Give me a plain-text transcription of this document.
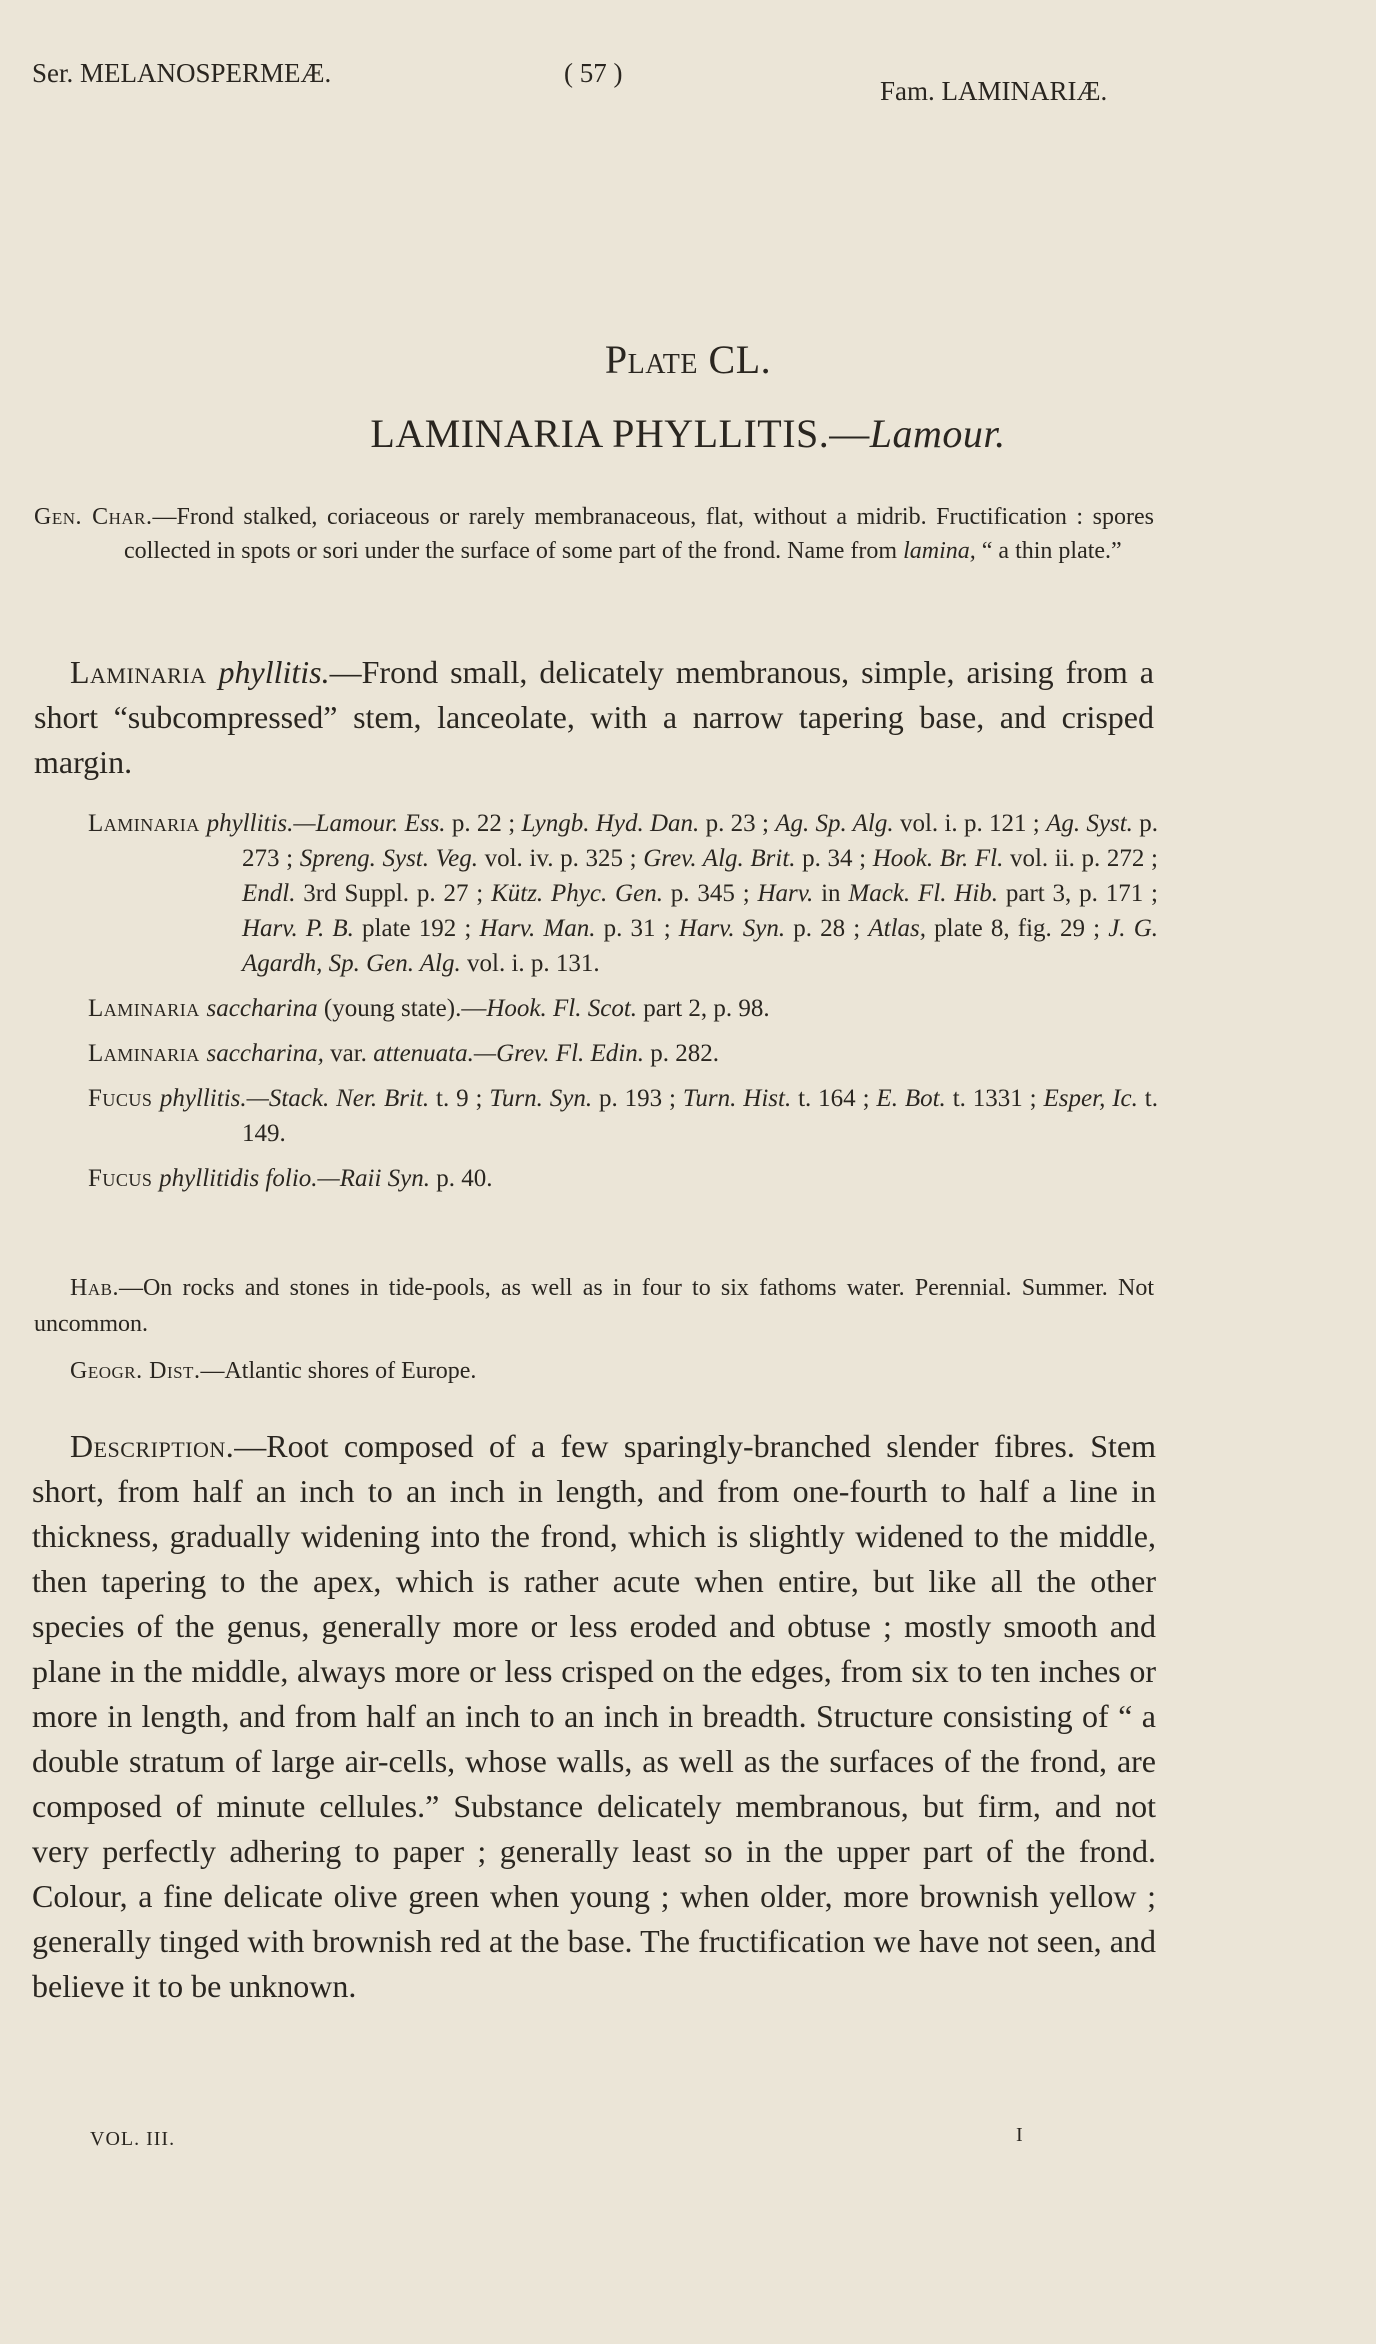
Ser. MELANOSPERMEÆ.	( 57 )
Fam. LAMINARIÆ.
Plate CL.
LAMINARIA PHYLLITIS.—Lamour.
Gen. Char.—Frond stalked, coriaceous or rarely membranaceous, flat, without a midrib. Fructification : spores collected in spots or sori under the surface of some part of the frond. Name from lamina, “ a thin plate.”

Laminaria phyllitis.—Frond small, delicately membranous, simple, arising from a short “subcompressed” stem, lanceolate, with a narrow tapering base, and crisped margin.

Laminaria phyllitis.—Lamour. Ess. p. 22 ; Lyngb. Hyd. Dan. p. 23 ; Ag. Sp. Alg. vol. i. p. 121 ; Ag. Syst. p. 273 ; Spreng. Syst. Veg. vol. iv. p. 325 ; Grev. Alg. Brit. p. 34 ; Hook. Br. Fl. vol. ii. p. 272 ; Endl. 3rd Suppl. p. 27 ; Kütz. Phyc. Gen. p. 345 ; Harv. in Mack. Fl. Hib. part 3, p. 171 ; Harv. P. B. plate 192 ; Harv. Man. p. 31 ; Harv. Syn. p. 28 ; Atlas, plate 8, fig. 29 ; J. G. Agardh, Sp. Gen. Alg. vol. i. p. 131.
Laminaria saccharina (young state).—Hook. Fl. Scot. part 2, p. 98.
Laminaria saccharina, var. attenuata.—Grev. Fl. Edin. p. 282.
Fucus phyllitis.—Stack. Ner. Brit. t. 9 ; Turn. Syn. p. 193 ; Turn. Hist. t. 164 ; E. Bot. t. 1331 ; Esper, Ic. t. 149.
Fucus phyllitidis folio.—Raii Syn. p. 40.
Hab.—On rocks and stones in tide-pools, as well as in four to six fathoms water. Perennial. Summer. Not uncommon.
Geogr. Dist.—Atlantic shores of Europe.

Description.—Root composed of a few sparingly-branched slender fibres. Stem short, from half an inch to an inch in length, and from one-fourth to half a line in thickness, gradually widening into the frond, which is slightly widened to the middle, then tapering to the apex, which is rather acute when entire, but like all the other species of the genus, generally more or less eroded and obtuse ; mostly smooth and plane in the middle, always more or less crisped on the edges, from six to ten inches or more in length, and from half an inch to an inch in breadth. Structure consisting of “ a double stratum of large air-cells, whose walls, as well as the surfaces of the frond, are composed of minute cellules.” Substance delicately membranous, but firm, and not very perfectly adhering to paper ; generally least so in the upper part of the frond. Colour, a fine delicate olive green when young ; when older, more brownish yellow ; generally tinged with brownish red at the base. The fructification we have not seen, and believe it to be unknown.

VOL. III.	I
